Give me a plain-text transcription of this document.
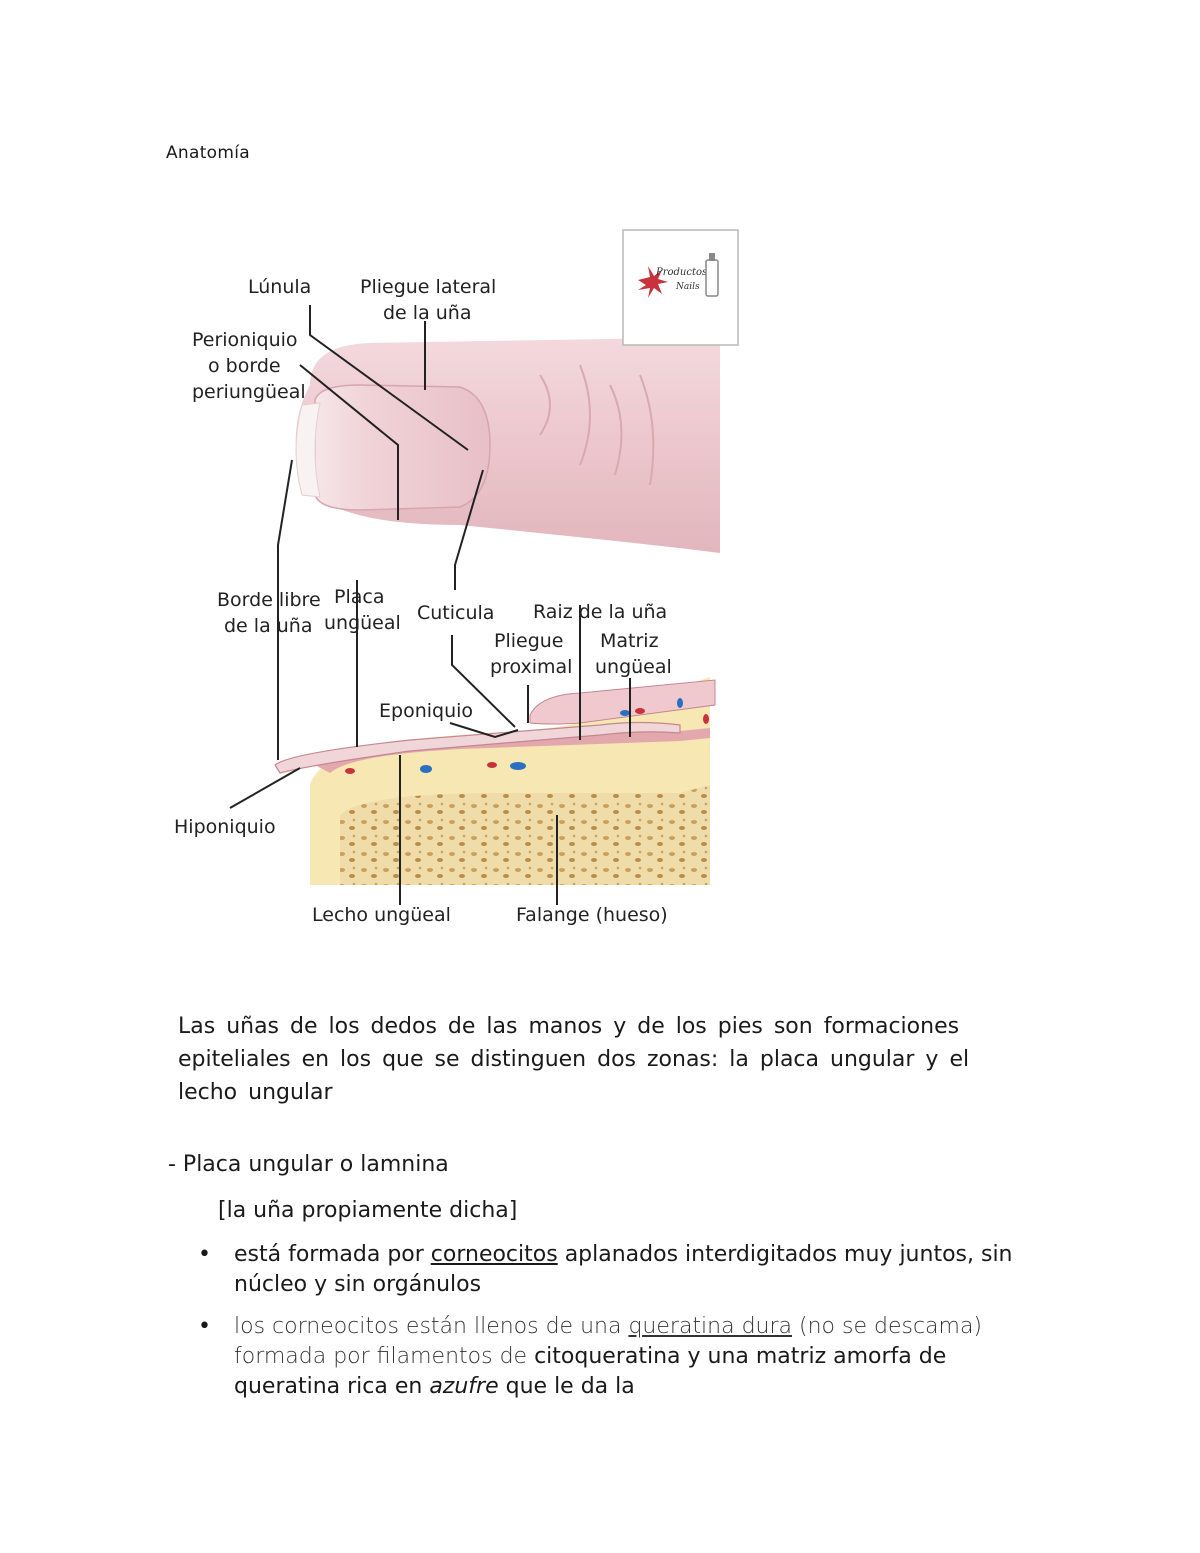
Anatomía
Productos
Nails
Lúnula	Pliegue lateral
de la uña
Perioniquio
o borde
periungüeal
Borde libre
de la uña
Placa
ungüeal Cuticula Raiz de la uña
Pliegue
proximal
Matriz
ungüeal
Eponiquio
Hiponiquio
Lecho ungüeal	Falange (hueso)
Las uñas de los dedos de las manos y de los pies son formaciones epiteliales en los que se distinguen dos zonas: la placa ungular y el lecho ungular
- Placa ungular o lamnina
[la uña propiamente dicha]
• está formada por corneocitos aplanados interdigitados muy juntos, sin núcleo y sin orgánulos
• los corneocitos están llenos de una queratina dura (no se descama) formada por filamentos de citoqueratina y una matriz amorfa de queratina rica en azufre que le da la
